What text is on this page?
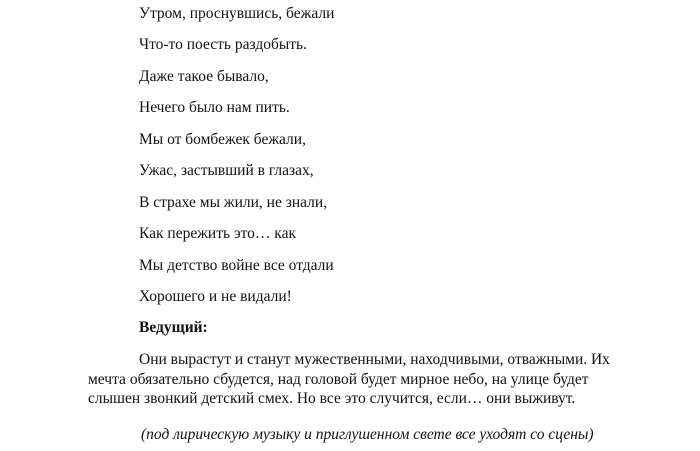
Утром, проснувшись, бежали
Что-то поесть раздобыть.
Даже такое бывало,
Нечего было нам пить.
Мы от бомбежек бежали,
Ужас, застывший в глазах,
В страхе мы жили, не знали,
Как пережить это… как
Мы детство войне все отдали
Хорошего и не видали!
Ведущий:
Они вырастут и станут мужественными, находчивыми, отважными. Их
мечта обязательно сбудется, над головой будет мирное небо, на улице будет
слышен звонкий детский смех. Но все это случится, если… они выживут.
(под лирическую музыку и приглушенном свете все уходят со сцены)
